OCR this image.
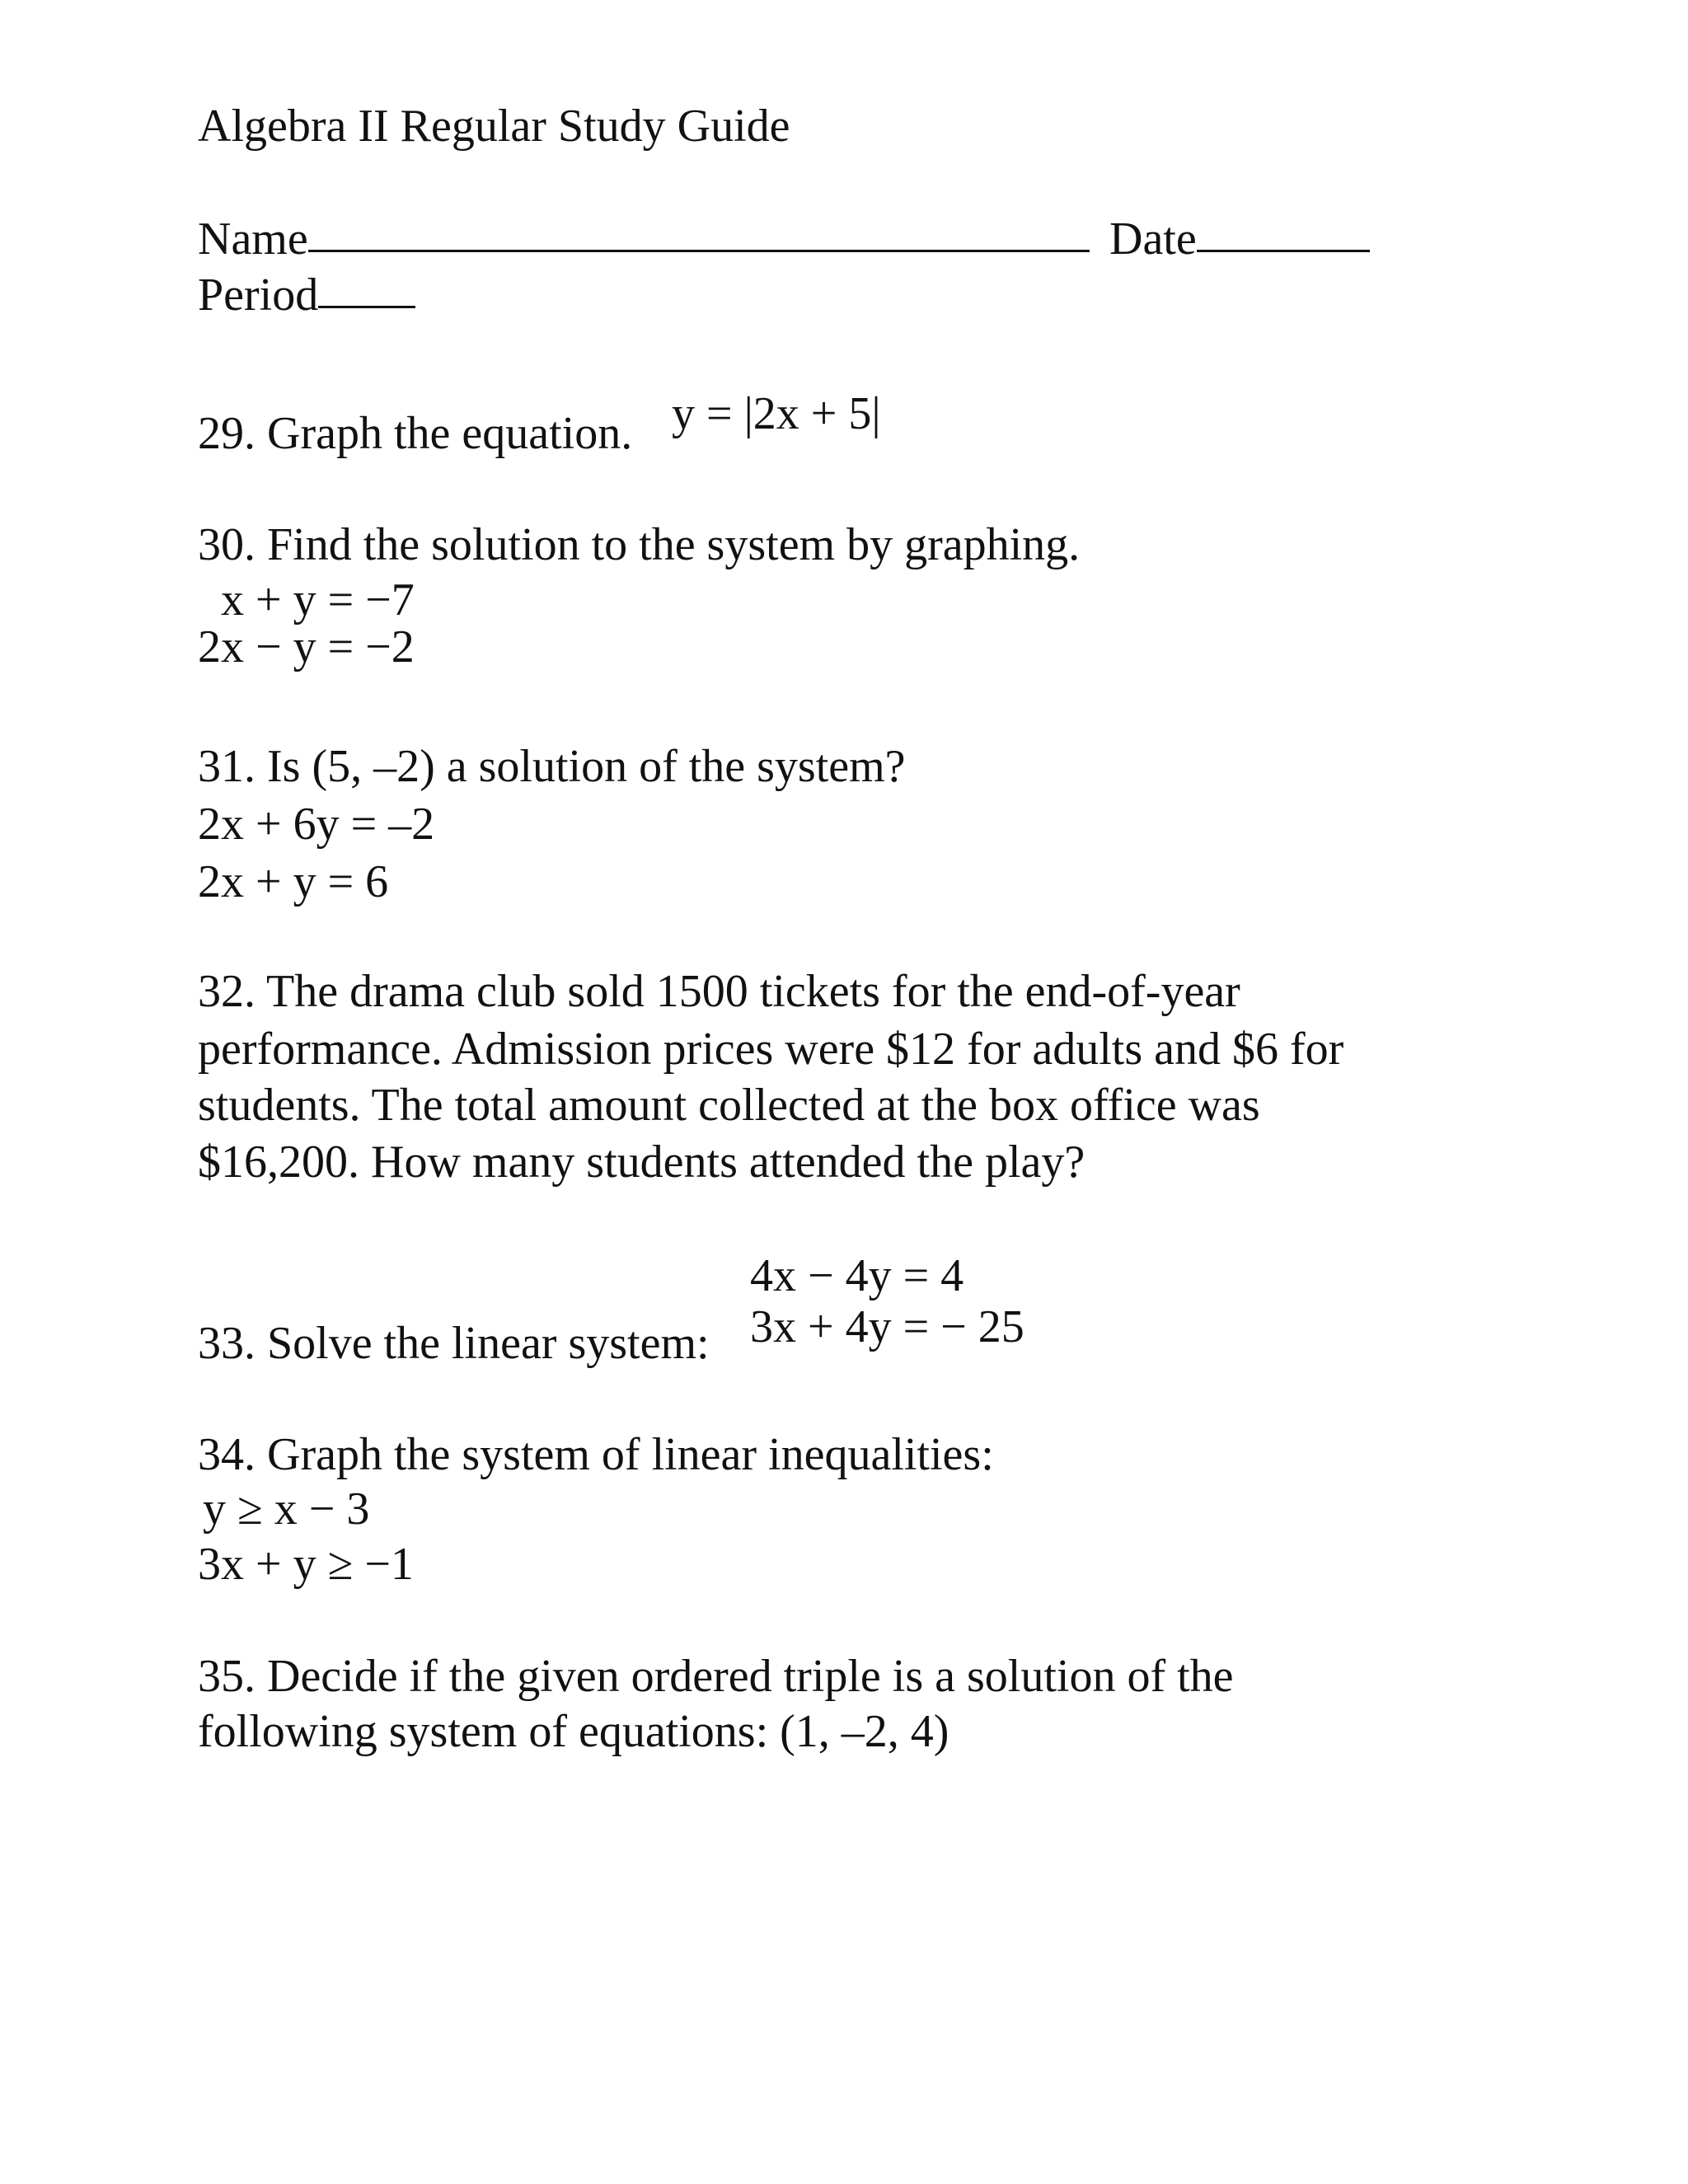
Algebra II Regular Study Guide
Name	Date
Period
29. Graph the equation. y = |2x + 5|
30. Find the solution to the system by graphing.
x + y = −7
2x − y = −2
31. Is (5, –2) a solution of the system?
2x + 6y = –2
2x + y = 6
32. The drama club sold 1500 tickets for the end-of-year
performance. Admission prices were $12 for adults and $6 for
students. The total amount collected at the box office was
$16,200. How many students attended the play?
33. Solve the linear system:
4x − 4y = 4
3x + 4y = − 25
34. Graph the system of linear inequalities:
y ≥ x − 3
3x + y ≥ −1
35. Decide if the given ordered triple is a solution of the
following system of equations: (1, –2, 4)
